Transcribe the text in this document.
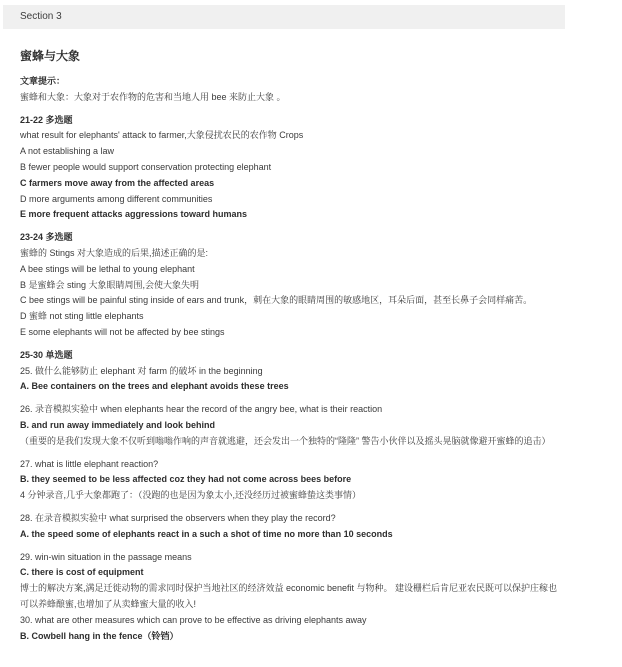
Section 3
蜜蜂与大象
文章提示：
蜜蜂和大象：大象对于农作物的危害和当地人用 bee 来防止大象 。
21-22 多选题
what result for elephants' attack to farmer,大象侵扰农民的农作物 Crops
A not establishing a law
B fewer people would support conservation protecting elephant
C farmers move away from the affected areas
D more arguments among different communities
E more frequent attacks aggressions toward humans
23-24 多选题
蜜蜂的 Stings 对大象造成的后果,描述正确的是:
A bee stings will be lethal to young elephant
B 是蜜蜂会 sting 大象眼睛周围,会使大象失明
C bee stings will be painful sting inside of ears and trunk，刺在大象的眼睛周围的敏感地区，耳朵后面，甚至长鼻子会同样痛苦。
D 蜜蜂 not sting little elephants
E some elephants will not be affected by bee stings
25-30 单选题
25. 做什么能够防止 elephant 对 farm 的破坏 in the beginning
A. Bee containers on the trees and elephant avoids these trees
26. 录音模拟实验中 when elephants hear the record of the angry bee, what is their reaction
B. and run away immediately and look behind
（重要的是我们发现大象不仅听到嗡嗡作响的声音就逃避，还会发出一个独特的“隆隆” 警告小伙伴以及摇头晃脑就像避开蜜蜂的追击）
27. what is little elephant reaction?
B. they seemed to be less affected coz they had not come across bees before
4 分钟录音,几乎大象都跑了：（没跑的也是因为象太小,还没经历过被蜜蜂蛰这类事情）
28. 在录音模拟实验中 what surprised the observers when they play the record?
A. the speed some of elephants react in a such a shot of time no more than 10 seconds
29. win-win situation in the passage means
C. there is cost of equipment
博士的解决方案,满足迁徙动物的需求同时保护当地社区的经济效益 economic benefit 与物种。 建设栅栏后肯尼亚农民既可以保护庄稼也可以养蜂酿蜜,也增加了从卖蜂蜜大量的收入!
30. what are other measures which can prove to be effective as driving elephants away
B. Cowbell hang in the fence（铃铛）
